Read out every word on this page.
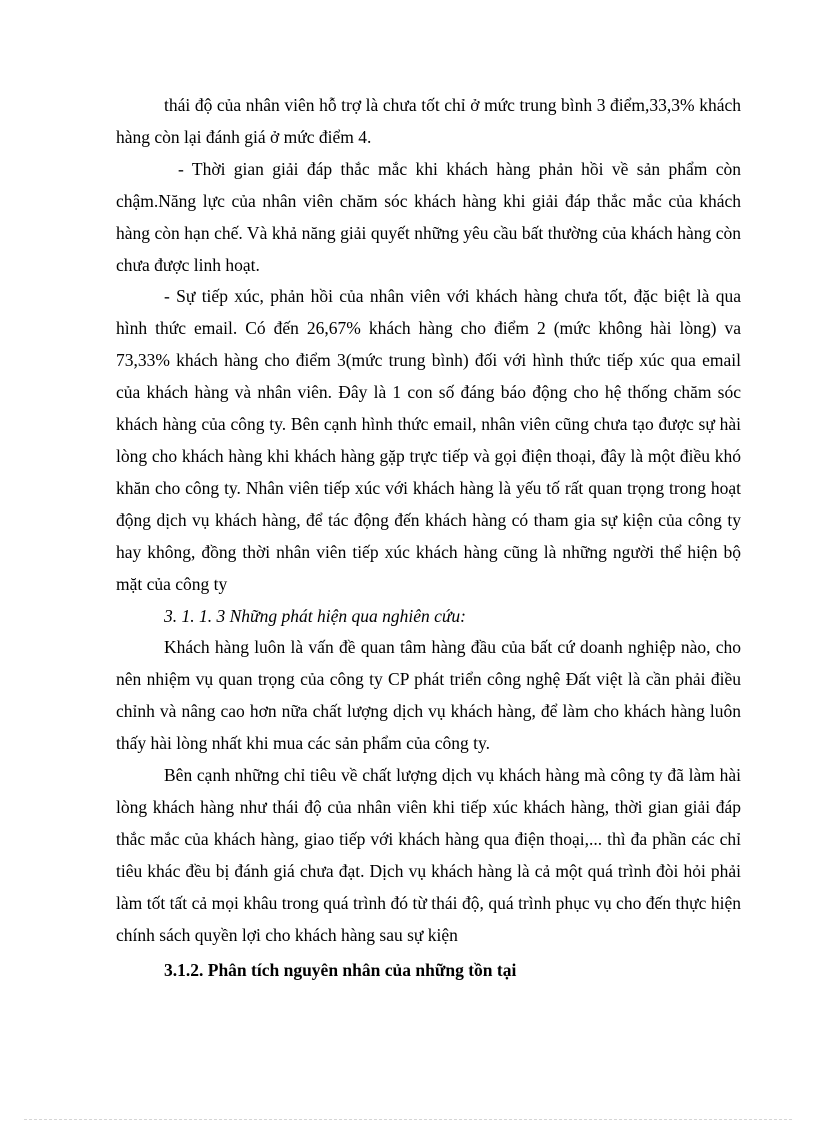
thái độ của nhân viên hỗ trợ là chưa tốt chỉ ở mức trung bình 3 điểm,33,3% khách hàng còn lại đánh giá ở mức điểm 4.

- Thời gian giải đáp thắc mắc khi khách hàng phản hồi về sản phẩm còn chậm.Năng lực của nhân viên chăm sóc khách hàng khi giải đáp thắc mắc của khách hàng còn hạn chế. Và khả năng giải quyết những yêu cầu bất thường của khách hàng còn chưa được linh hoạt.

- Sự tiếp xúc, phản hồi của nhân viên với khách hàng chưa tốt, đặc biệt là qua hình thức email. Có đến 26,67% khách hàng cho điểm 2 (mức không hài lòng) va 73,33% khách hàng cho điểm 3(mức trung bình) đối với hình thức tiếp xúc qua email của khách hàng và nhân viên. Đây là 1 con số đáng báo động cho hệ thống chăm sóc khách hàng của công ty. Bên cạnh hình thức email, nhân viên cũng chưa tạo được sự hài lòng cho khách hàng khi khách hàng gặp trực tiếp và gọi điện thoại, đây là một điều khó khăn cho công ty. Nhân viên tiếp xúc với khách hàng là yếu tố rất quan trọng trong hoạt động dịch vụ khách hàng, để tác động đến khách hàng có tham gia sự kiện của công ty hay không, đồng thời nhân viên tiếp xúc khách hàng cũng là những người thể hiện bộ mặt của công ty

3. 1. 1. 3 Những phát hiện qua nghiên cứu:

Khách hàng luôn là vấn đề quan tâm hàng đầu của bất cứ doanh nghiệp nào, cho nên nhiệm vụ quan trọng của công ty CP phát triển công nghệ Đất việt là cần phải điều chỉnh và nâng cao hơn nữa chất lượng dịch vụ khách hàng, để làm cho khách hàng luôn thấy hài lòng nhất khi mua các sản phẩm của công ty.

Bên cạnh những chỉ tiêu về chất lượng dịch vụ khách hàng mà công ty đã làm hài lòng khách hàng như thái độ của nhân viên khi tiếp xúc khách hàng, thời gian giải đáp thắc mắc của khách hàng, giao tiếp với khách hàng qua điện thoại,... thì đa phần các chỉ tiêu khác đều bị đánh giá chưa đạt. Dịch vụ khách hàng là cả một quá trình đòi hỏi phải làm tốt tất cả mọi khâu trong quá trình đó từ thái độ, quá trình phục vụ cho đến thực hiện chính sách quyền lợi cho khách hàng sau sự kiện

3.1.2. Phân tích nguyên nhân của những tồn tại
